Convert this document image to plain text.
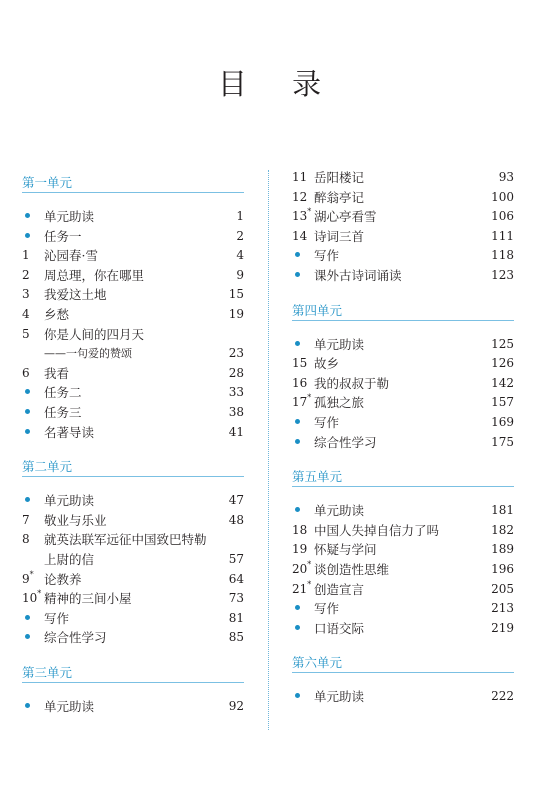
目 录
第一单元
单元助读	1
任务一	2
1	沁园春·雪	4
2	周总理，你在哪里	9
3	我爱这土地	15
4	乡愁	19
5	你是人间的四月天
——一句爱的赞颂	23
6	我看	28
任务二	33
任务三	38
名著导读	41
第二单元
单元助读	47
7	敬业与乐业	48
8	就英法联军远征中国致巴特勒
上尉的信	57
9* 论教养	64
10* 精神的三间小屋	73
写作	81
综合性学习	85
第三单元
单元助读	92
11 岳阳楼记	93
12 醉翁亭记	100
13* 湖心亭看雪	106
14 诗词三首	111
写作	118
课外古诗词诵读	123
第四单元
单元助读	125
15 故乡	126
16 我的叔叔于勒	142
17* 孤独之旅	157
写作	169
综合性学习	175
第五单元
单元助读	181
18 中国人失掉自信力了吗	182
19 怀疑与学问	189
20* 谈创造性思维	196
21* 创造宣言	205
写作	213
口语交际	219
第六单元
单元助读	222
